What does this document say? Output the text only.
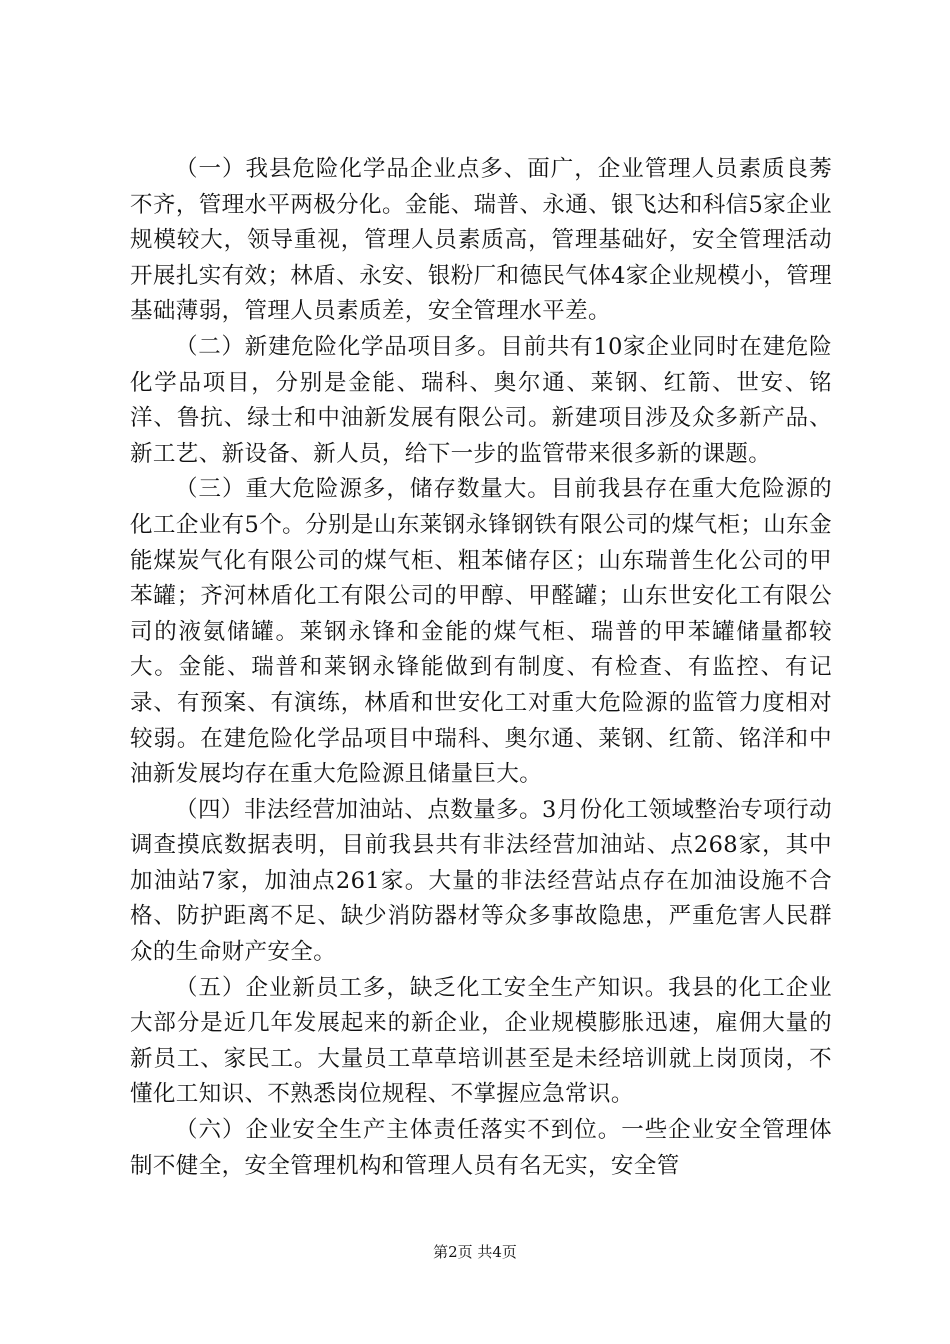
（一）我县危险化学品企业点多、面广，企业管理人员素质良莠不齐，管理水平两极分化。金能、瑞普、永通、银飞达和科信5家企业规模较大，领导重视，管理人员素质高，管理基础好，安全管理活动开展扎实有效；林盾、永安、银粉厂和德民气体4家企业规模小，管理基础薄弱，管理人员素质差，安全管理水平差。

（二）新建危险化学品项目多。目前共有10家企业同时在建危险化学品项目，分别是金能、瑞科、奥尔通、莱钢、红箭、世安、铭洋、鲁抗、绿士和中油新发展有限公司。新建项目涉及众多新产品、新工艺、新设备、新人员，给下一步的监管带来很多新的课题。

（三）重大危险源多，储存数量大。目前我县存在重大危险源的化工企业有5个。分别是山东莱钢永锋钢铁有限公司的煤气柜；山东金能煤炭气化有限公司的煤气柜、粗苯储存区；山东瑞普生化公司的甲苯罐；齐河林盾化工有限公司的甲醇、甲醛罐；山东世安化工有限公司的液氨储罐。莱钢永锋和金能的煤气柜、瑞普的甲苯罐储量都较大。金能、瑞普和莱钢永锋能做到有制度、有检查、有监控、有记录、有预案、有演练，林盾和世安化工对重大危险源的监管力度相对较弱。在建危险化学品项目中瑞科、奥尔通、莱钢、红箭、铭洋和中油新发展均存在重大危险源且储量巨大。

（四）非法经营加油站、点数量多。3月份化工领域整治专项行动调查摸底数据表明，目前我县共有非法经营加油站、点268家，其中加油站7家，加油点261家。大量的非法经营站点存在加油设施不合格、防护距离不足、缺少消防器材等众多事故隐患，严重危害人民群众的生命财产安全。

（五）企业新员工多，缺乏化工安全生产知识。我县的化工企业大部分是近几年发展起来的新企业，企业规模膨胀迅速，雇佣大量的新员工、家民工。大量员工草草培训甚至是未经培训就上岗顶岗，不懂化工知识、不熟悉岗位规程、不掌握应急常识。

（六）企业安全生产主体责任落实不到位。一些企业安全管理体制不健全，安全管理机构和管理人员有名无实，安全管

第2页 共4页
